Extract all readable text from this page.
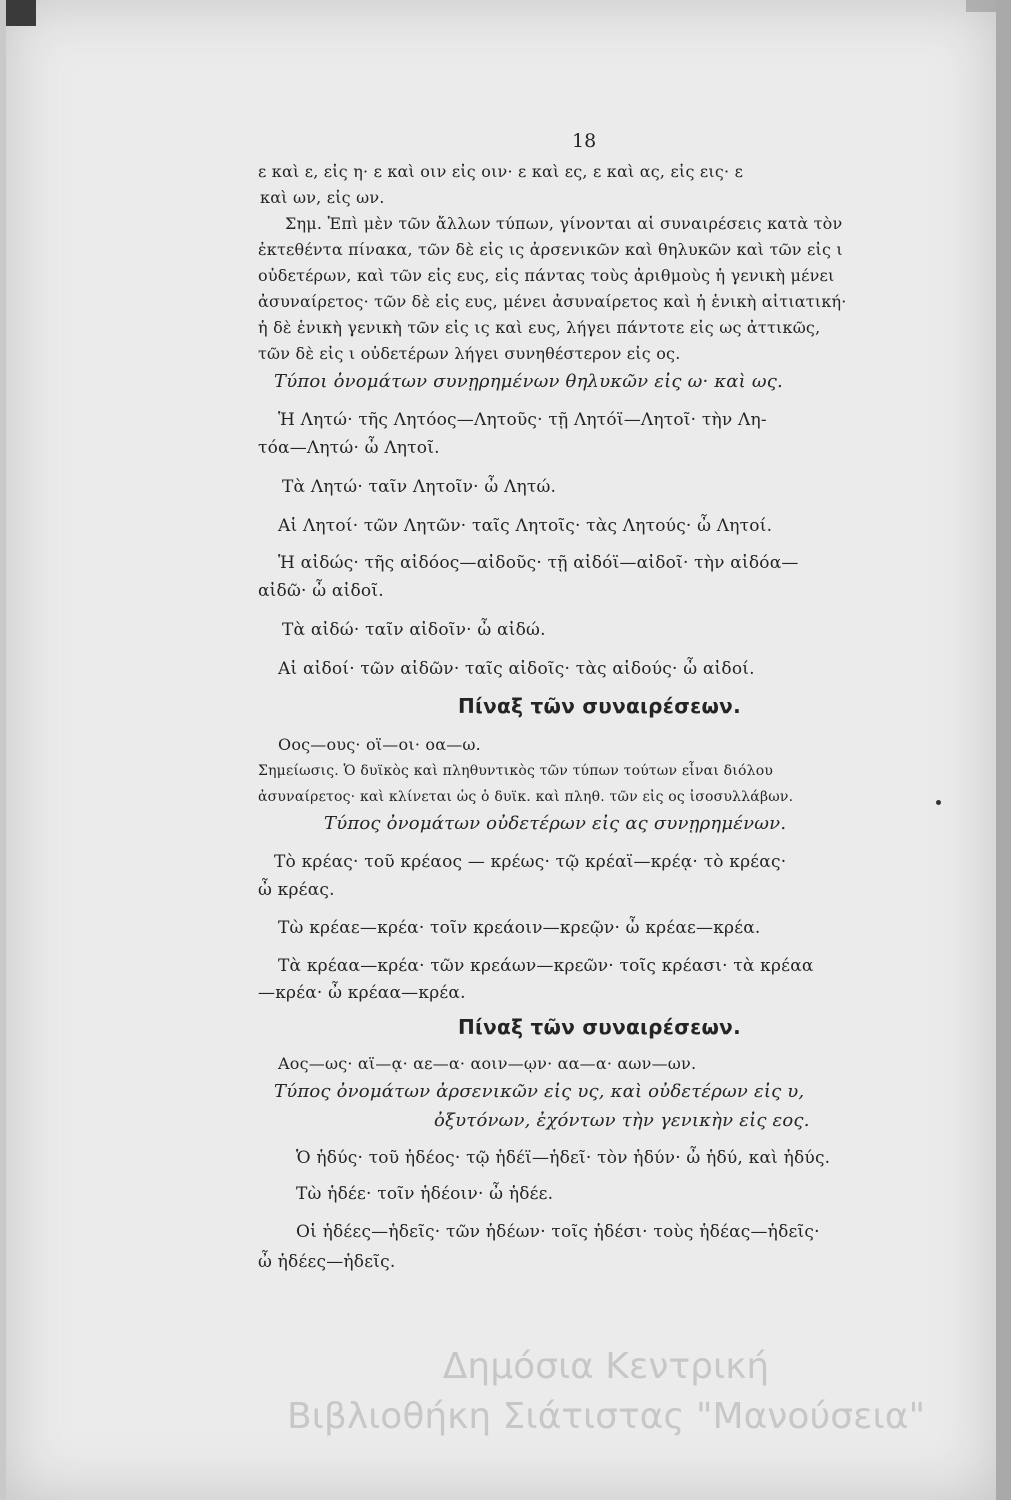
18
ε καὶ ε, εἰς η· ε καὶ οιν εἰς οιν· ε καὶ ες, ε καὶ ας, εἰς εις· ε
καὶ ων, εἰς ων.
Σημ. Ἐπὶ μὲν τῶν ἄλλων τύπων, γίνονται αἱ συναιρέσεις κατὰ τὸν
ἐκτεθέντα πίνακα, τῶν δὲ εἰς ις ἀρσενικῶν καὶ θηλυκῶν καὶ τῶν εἰς ι
οὐδετέρων, καὶ τῶν εἰς ευς, εἰς πάντας τοὺς ἀριθμοὺς ἡ γενικὴ μένει
ἀσυναίρετος· τῶν δὲ εἰς ευς, μένει ἀσυναίρετος καὶ ἡ ἑνικὴ αἰτιατική·
ἡ δὲ ἑνικὴ γενικὴ τῶν εἰς ις καὶ ευς, λήγει πάντοτε εἰς ως ἀττικῶς,
τῶν δὲ εἰς ι οὐδετέρων λήγει συνηθέστερον εἰς ος.
Τύποι ὀνομάτων συνῃρημένων θηλυκῶν εἰς ω· καὶ ως.
Ἡ Λητώ· τῆς Λητόος—Λητοῦς· τῇ Λητόϊ—Λητοῖ· τὴν Λη-
τόα—Λητώ· ὦ Λητοῖ.
Τὰ Λητώ· ταῖν Λητοῖν· ὦ Λητώ.
Αἱ Λητοί· τῶν Λητῶν· ταῖς Λητοῖς· τὰς Λητούς· ὦ Λητοί.
Ἡ αἰδώς· τῆς αἰδόος—αἰδοῦς· τῇ αἰδόϊ—αἰδοῖ· τὴν αἰδόα—
αἰδῶ· ὦ αἰδοῖ.
Τὰ αἰδώ· ταῖν αἰδοῖν· ὦ αἰδώ.
Αἱ αἰδοί· τῶν αἰδῶν· ταῖς αἰδοῖς· τὰς αἰδούς· ὦ αἰδοί.
Πίναξ τῶν συναιρέσεων.
Οος—ους· οϊ—οι· οα—ω.
Σημείωσις. Ὁ δυϊκὸς καὶ πληθυντικὸς τῶν τύπων τούτων εἶναι διόλου
ἀσυναίρετος· καὶ κλίνεται ὡς ὁ δυϊκ. καὶ πληθ. τῶν εἰς ος ἰσοσυλλάβων.
Τύπος ὀνομάτων οὐδετέρων εἰς ας συνῃρημένων.
Τὸ κρέας· τοῦ κρέαος — κρέως· τῷ κρέαϊ—κρέᾳ· τὸ κρέας·
ὦ κρέας.
Τὼ κρέαε—κρέα· τοῖν κρεάοιν—κρεῷν· ὦ κρέαε—κρέα.
Τὰ κρέαα—κρέα· τῶν κρεάων—κρεῶν· τοῖς κρέασι· τὰ κρέαα
—κρέα· ὦ κρέαα—κρέα.
Πίναξ τῶν συναιρέσεων.
Αος—ως· αϊ—ᾳ· αε—α· αοιν—ῳν· αα—α· αων—ων.
Τύπος ὀνομάτων ἀρσενικῶν εἰς υς, καὶ οὐδετέρων εἰς υ,
ὀξυτόνων, ἐχόντων τὴν γενικὴν εἰς εος.
Ὁ ἡδύς· τοῦ ἡδέος· τῷ ἡδέϊ—ἡδεῖ· τὸν ἡδύν· ὦ ἡδύ, καὶ ἡδύς.
Τὼ ἡδέε· τοῖν ἡδέοιν· ὦ ἡδέε.
Οἱ ἡδέες—ἡδεῖς· τῶν ἡδέων· τοῖς ἡδέσι· τοὺς ἡδέας—ἡδεῖς·
ὦ ἡδέες—ἡδεῖς.
Δημόσια Κεντρική
Βιβλιοθήκη Σιάτιστας "Μανούσεια"
